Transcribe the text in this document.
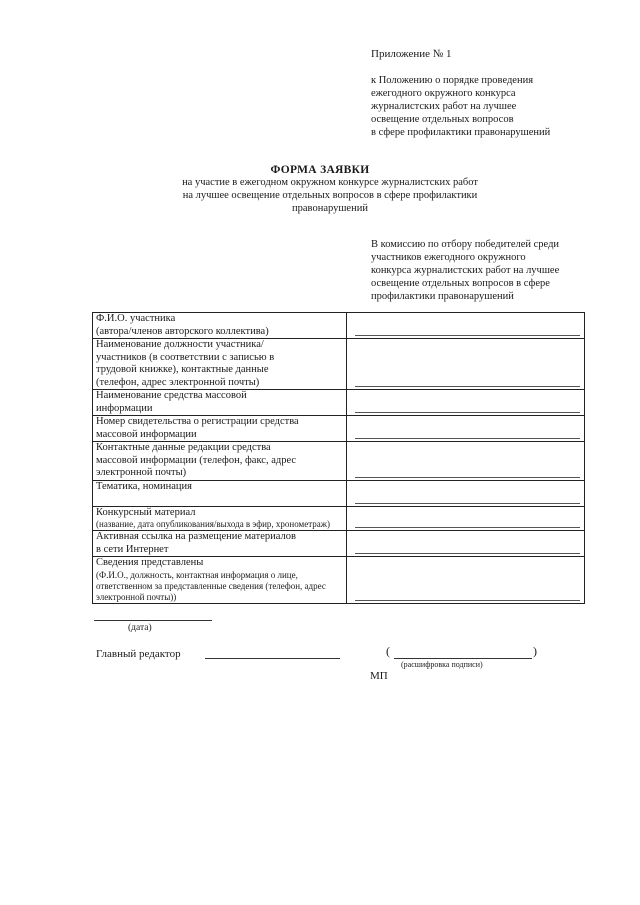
Приложение № 1
к Положению о порядке проведения
ежегодного окружного конкурса
журналистских работ на лучшее
освещение отдельных вопросов
в сфере профилактики правонарушений
ФОРМА ЗАЯВКИ
на участие в ежегодном окружном конкурсе журналистских работ
на лучшее освещение отдельных вопросов в сфере профилактики
правонарушений
В комиссию по отбору победителей среди
участников ежегодного окружного
конкурса журналистских работ на лучшее
освещение отдельных вопросов в сфере
профилактики правонарушений
Ф.И.О. участника
(автора/членов авторского коллектива)	

Наименование должности участника/
участников (в соответствии с записью в
трудовой книжке), контактные данные
(телефон, адрес электронной почты)	

Наименование средства массовой
информации	

Номер свидетельства о регистрации средства
массовой информации	

Контактные данные редакции средства
массовой информации (телефон, факс, адрес
электронной почты)	

Тематика, номинация	

Конкурсный материал
(название, дата опубликования/выхода в эфир, хронометраж)	

Активная ссылка на размещение материалов
в сети Интернет	

Сведения представлены
(Ф.И.О., должность, контактная информация о лице, ответственном за представленные сведения (телефон, адрес электронной почты))	

(дата)
Главный редактор	(	)
(расшифровка подписи)
МП
